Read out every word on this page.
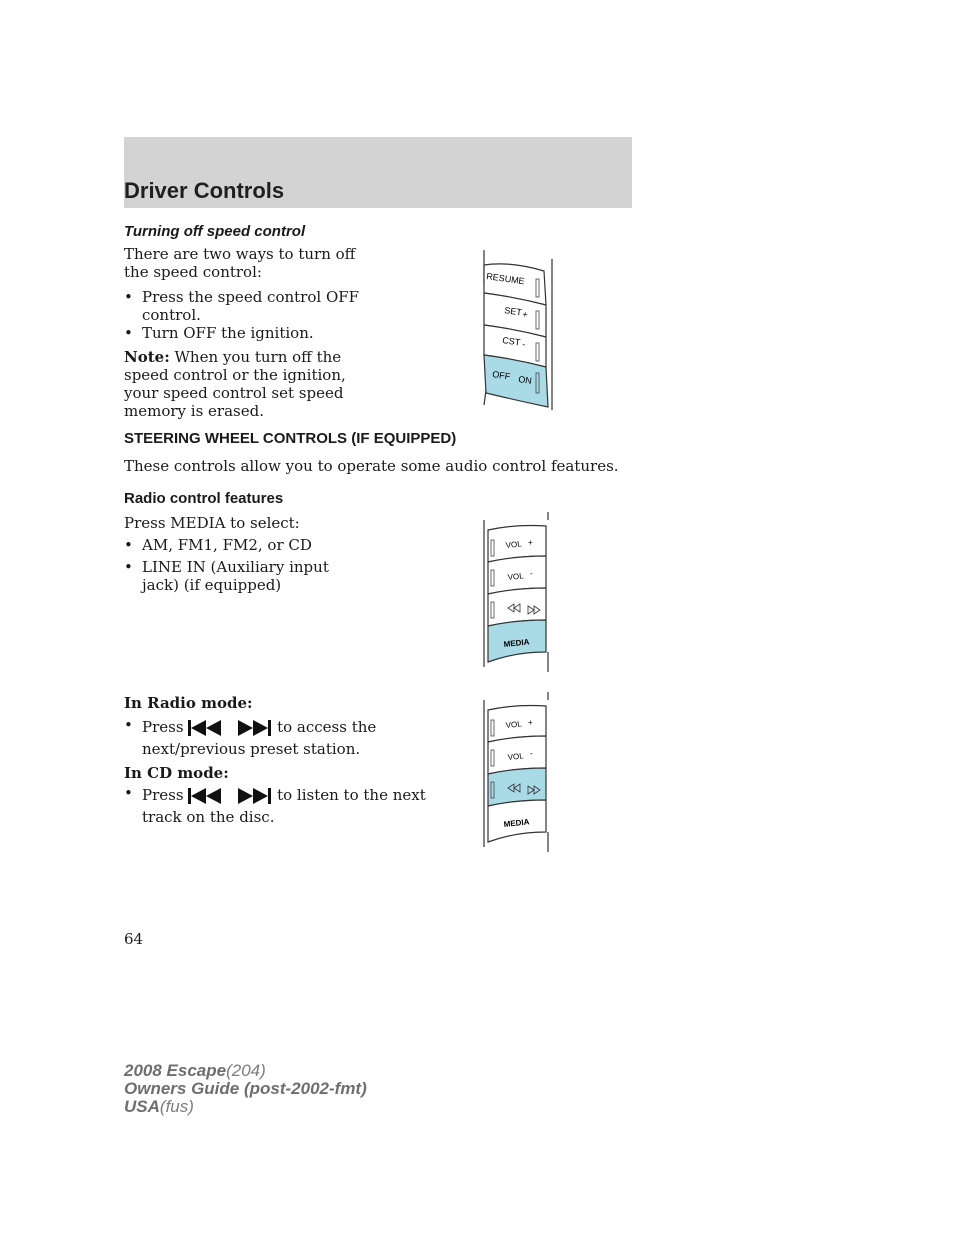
Driver Controls
Turning off speed control
There are two ways to turn off the speed control:
• Press the speed control OFF control.
• Turn OFF the ignition.
Note: When you turn off the speed control or the ignition, your speed control set speed memory is erased.
RESUME
SET +
CST -
OFF ON
STEERING WHEEL CONTROLS (IF EQUIPPED)
These controls allow you to operate some audio control features.
Radio control features
Press MEDIA to select:
• AM, FM1, FM2, or CD
• LINE IN (Auxiliary input jack) (if equipped)
VOL +
VOL -
MEDIA
In Radio mode:
• Press	to access the next/previous preset station.
In CD mode:
• Press	to listen to the next track on the disc.
VOL +
VOL -
MEDIA
64
2008 Escape(204)
Owners Guide (post-2002-fmt)
USA(fus)
